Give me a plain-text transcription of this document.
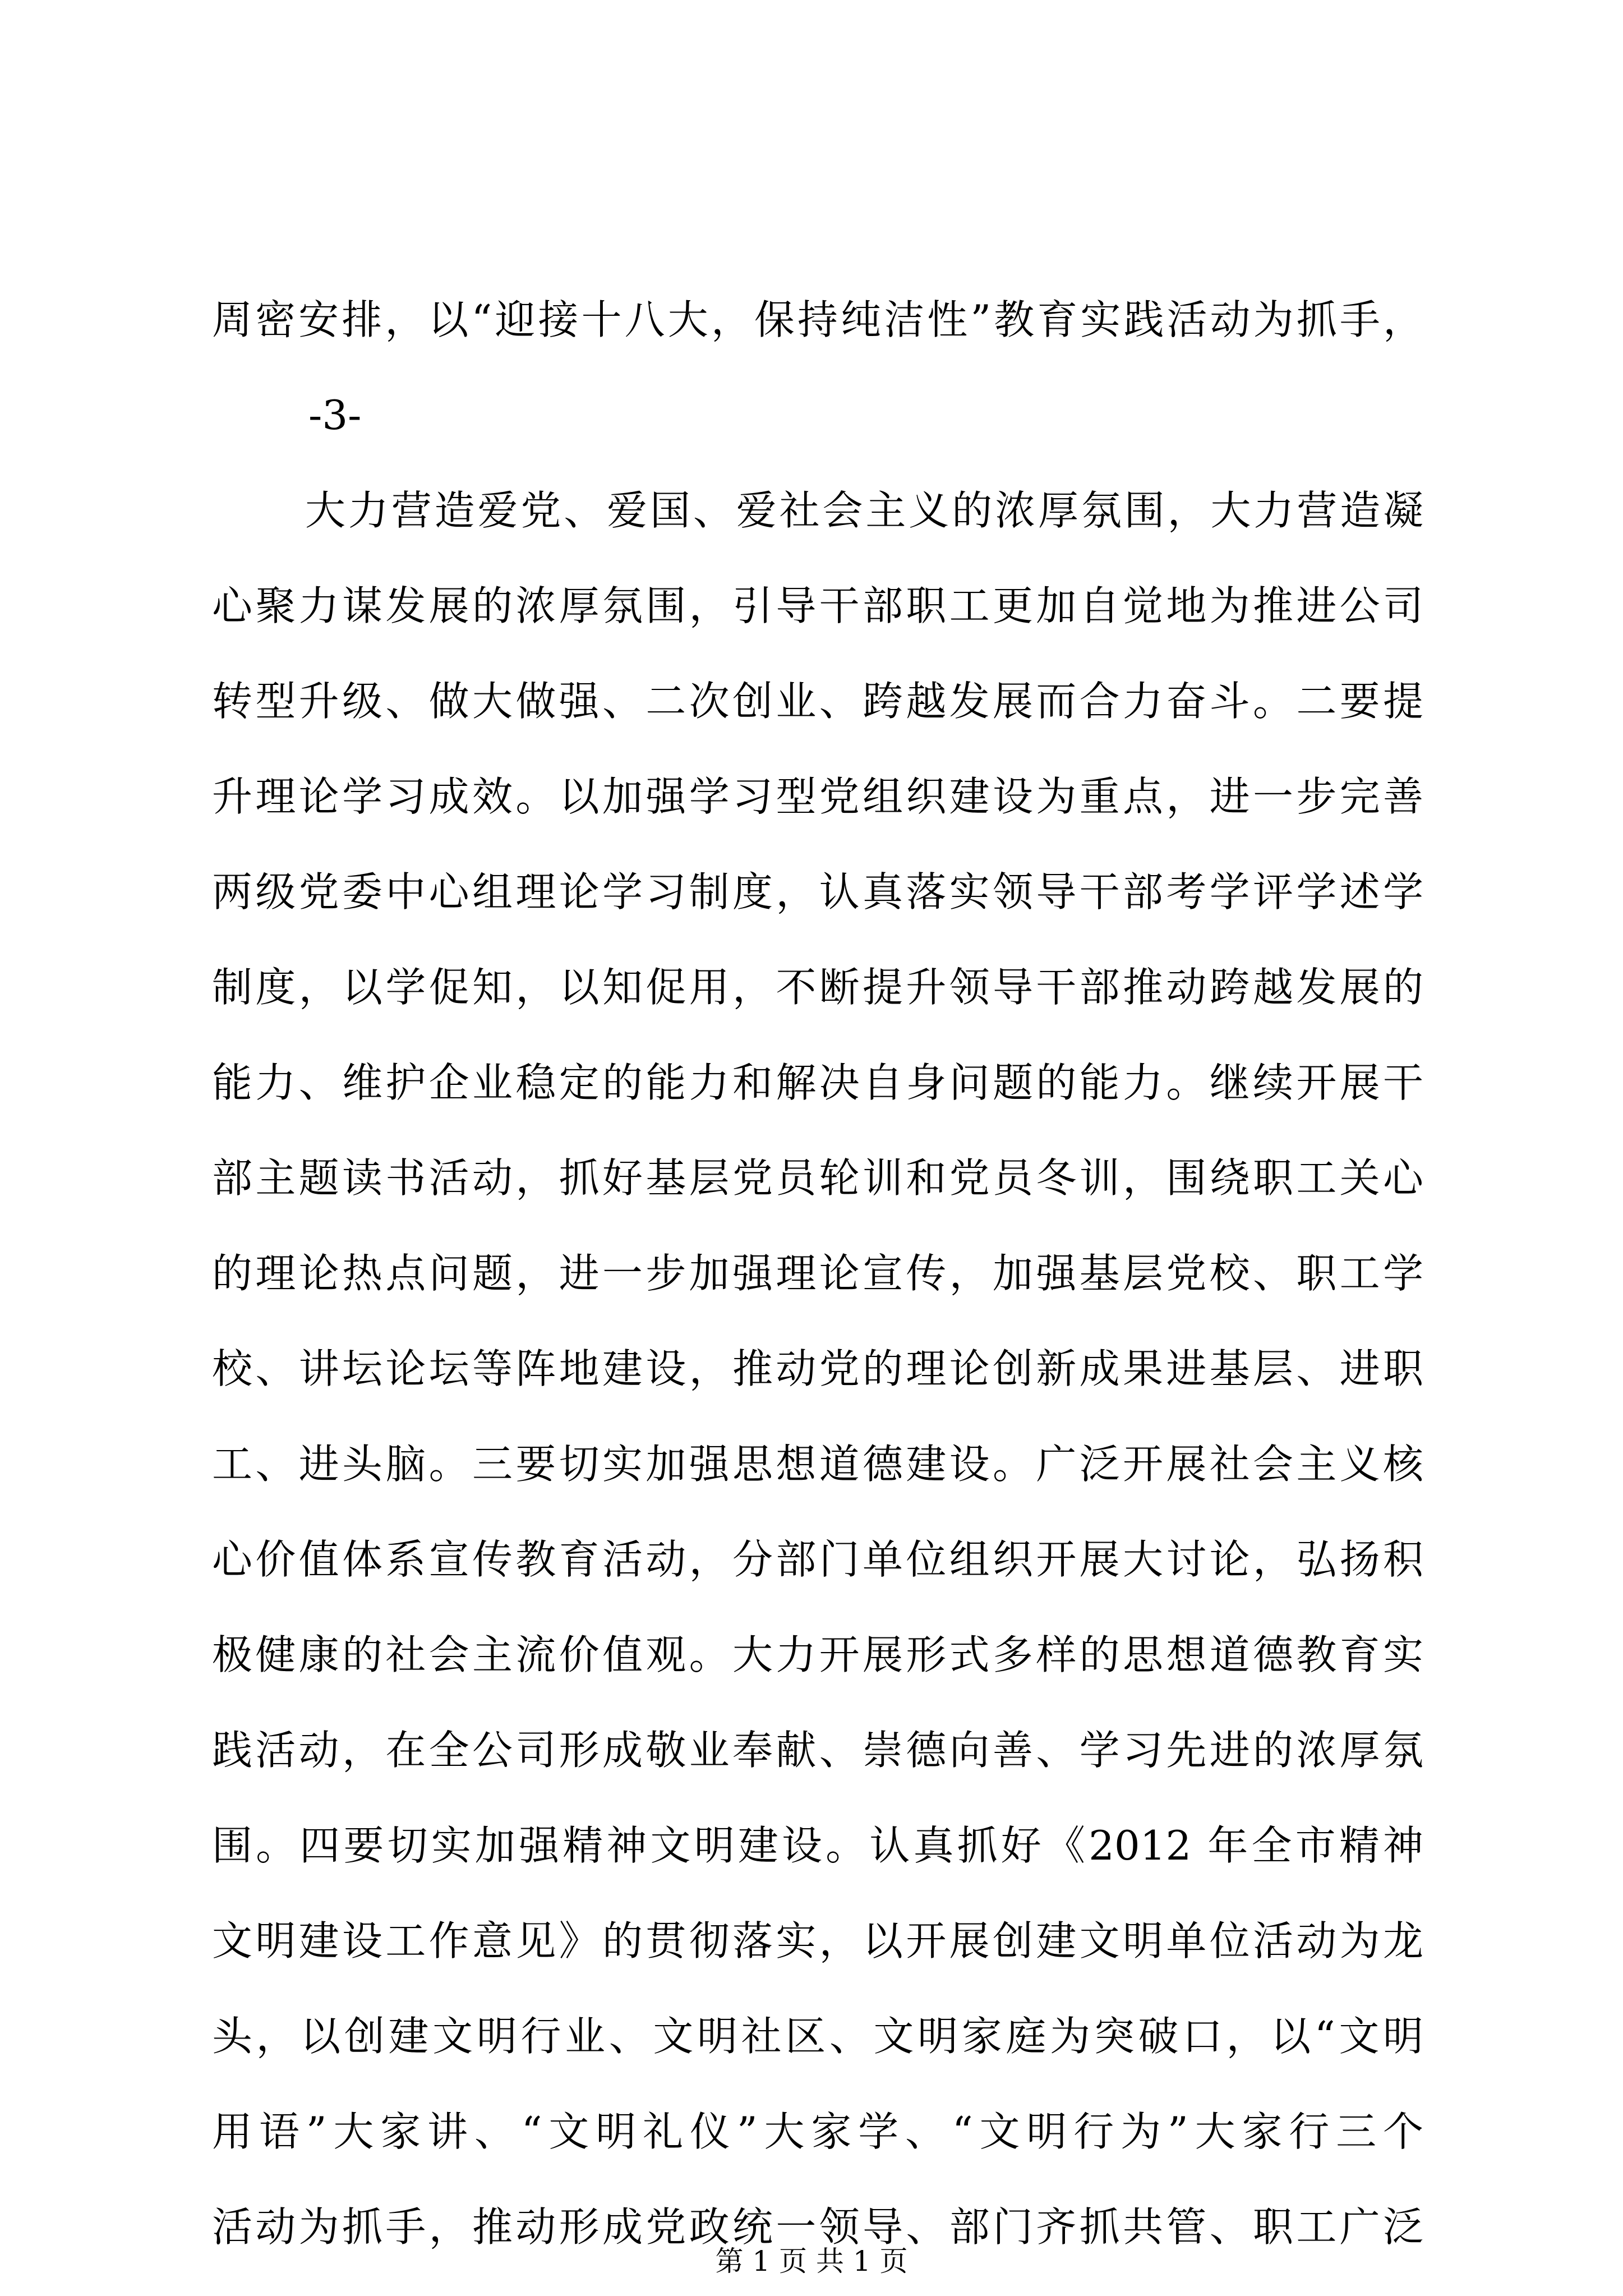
周密安排，以“迎接十八大，保持纯洁性”教育实践活动为抓手，
-3-
大力营造爱党、爱国、爱社会主义的浓厚氛围，大力营造凝
心聚力谋发展的浓厚氛围，引导干部职工更加自觉地为推进公司
转型升级、做大做强、二次创业、跨越发展而合力奋斗。二要提
升理论学习成效。以加强学习型党组织建设为重点，进一步完善
两级党委中心组理论学习制度，认真落实领导干部考学评学述学
制度，以学促知，以知促用，不断提升领导干部推动跨越发展的
能力、维护企业稳定的能力和解决自身问题的能力。继续开展干
部主题读书活动，抓好基层党员轮训和党员冬训，围绕职工关心
的理论热点问题，进一步加强理论宣传，加强基层党校、职工学
校、讲坛论坛等阵地建设，推动党的理论创新成果进基层、进职
工、进头脑。三要切实加强思想道德建设。广泛开展社会主义核
心价值体系宣传教育活动，分部门单位组织开展大讨论，弘扬积
极健康的社会主流价值观。大力开展形式多样的思想道德教育实
践活动，在全公司形成敬业奉献、崇德向善、学习先进的浓厚氛
围。四要切实加强精神文明建设。认真抓好《2012 年全市精神
文明建设工作意见》的贯彻落实，以开展创建文明单位活动为龙
头，以创建文明行业、文明社区、文明家庭为突破口，以“文明
用语”大家讲、“文明礼仪”大家学、“文明行为”大家行三个
活动为抓手，推动形成党政统一领导、部门齐抓共管、职工广泛
第 1 页 共 1 页
